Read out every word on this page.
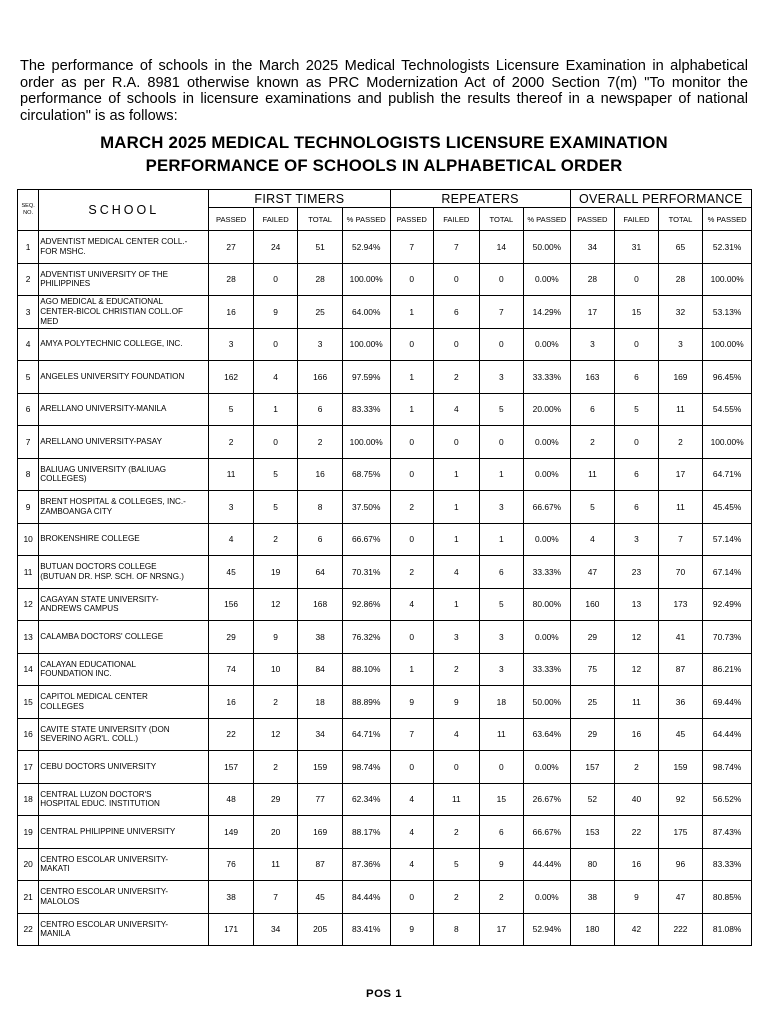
The performance of schools in the March 2025 Medical Technologists Licensure Examination in alphabetical order as per R.A. 8981 otherwise known as PRC Modernization Act of 2000 Section 7(m) "To monitor the performance of schools in licensure examinations and publish the results thereof in a newspaper of national circulation" is as follows:
MARCH 2025 MEDICAL TECHNOLOGISTS LICENSURE EXAMINATION
PERFORMANCE OF SCHOOLS IN ALPHABETICAL ORDER
SEQ. NO.	SCHOOL	FIRST TIMERS				REPEATERS				OVERALL PERFORMANCE			
		PASSED	FAILED	TOTAL	% PASSED	PASSED	FAILED	TOTAL	% PASSED	PASSED	FAILED	TOTAL	% PASSED
1	ADVENTIST MEDICAL CENTER COLL.-
FOR MSHC.	27	24	51	52.94%	7	7	14	50.00%	34	31	65	52.31%
2	ADVENTIST UNIVERSITY OF THE
PHILIPPINES	28	0	28	100.00%	0	0	0	0.00%	28	0	28	100.00%
3	AGO MEDICAL & EDUCATIONAL
CENTER-BICOL CHRISTIAN COLL.OF
MED	16	9	25	64.00%	1	6	7	14.29%	17	15	32	53.13%
4	AMYA POLYTECHNIC COLLEGE, INC.	3	0	3	100.00%	0	0	0	0.00%	3	0	3	100.00%
5	ANGELES UNIVERSITY FOUNDATION	162	4	166	97.59%	1	2	3	33.33%	163	6	169	96.45%
6	ARELLANO UNIVERSITY-MANILA	5	1	6	83.33%	1	4	5	20.00%	6	5	11	54.55%
7	ARELLANO UNIVERSITY-PASAY	2	0	2	100.00%	0	0	0	0.00%	2	0	2	100.00%
8	BALIUAG UNIVERSITY (BALIUAG
COLLEGES)	11	5	16	68.75%	0	1	1	0.00%	11	6	17	64.71%
9	BRENT HOSPITAL & COLLEGES, INC.-
ZAMBOANGA CITY	3	5	8	37.50%	2	1	3	66.67%	5	6	11	45.45%
10	BROKENSHIRE COLLEGE	4	2	6	66.67%	0	1	1	0.00%	4	3	7	57.14%
11	BUTUAN DOCTORS COLLEGE
(BUTUAN DR. HSP. SCH. OF NRSNG.)	45	19	64	70.31%	2	4	6	33.33%	47	23	70	67.14%
12	CAGAYAN STATE UNIVERSITY-
ANDREWS CAMPUS	156	12	168	92.86%	4	1	5	80.00%	160	13	173	92.49%
13	CALAMBA DOCTORS' COLLEGE	29	9	38	76.32%	0	3	3	0.00%	29	12	41	70.73%
14	CALAYAN EDUCATIONAL
FOUNDATION INC.	74	10	84	88.10%	1	2	3	33.33%	75	12	87	86.21%
15	CAPITOL MEDICAL CENTER
COLLEGES	16	2	18	88.89%	9	9	18	50.00%	25	11	36	69.44%
16	CAVITE STATE UNIVERSITY (DON
SEVERINO AGR'L. COLL.)	22	12	34	64.71%	7	4	11	63.64%	29	16	45	64.44%
17	CEBU DOCTORS UNIVERSITY	157	2	159	98.74%	0	0	0	0.00%	157	2	159	98.74%
18	CENTRAL LUZON DOCTOR'S
HOSPITAL EDUC. INSTITUTION	48	29	77	62.34%	4	11	15	26.67%	52	40	92	56.52%
19	CENTRAL PHILIPPINE UNIVERSITY	149	20	169	88.17%	4	2	6	66.67%	153	22	175	87.43%
20	CENTRO ESCOLAR UNIVERSITY-
MAKATI	76	11	87	87.36%	4	5	9	44.44%	80	16	96	83.33%
21	CENTRO ESCOLAR UNIVERSITY-
MALOLOS	38	7	45	84.44%	0	2	2	0.00%	38	9	47	80.85%
22	CENTRO ESCOLAR UNIVERSITY-
MANILA	171	34	205	83.41%	9	8	17	52.94%	180	42	222	81.08%
POS 1
